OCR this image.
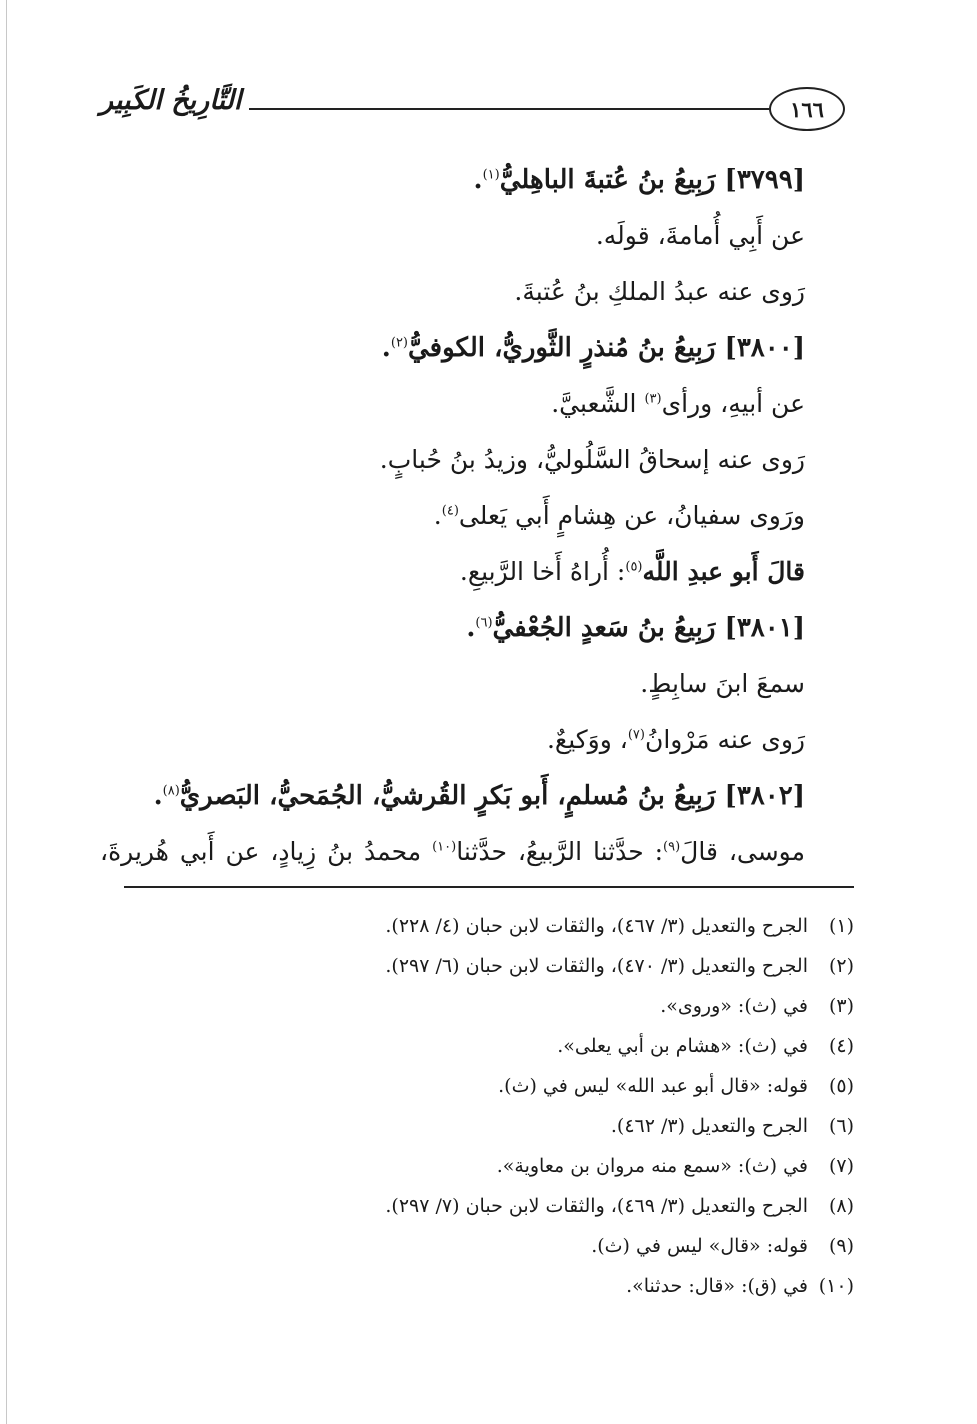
١٦٦
التَّارِيخُ الكَبِير
[٣٧٩٩] رَبِيعُ بنُ عُتبةَ الباهِليُّ$^{(١)}$.
عن أَبِي أُمامةَ، قولَه.
رَوى عنه عبدُ الملكِ بنُ عُتبةَ.
[٣٨٠٠] رَبِيعُ بنُ مُنذرٍ الثَّوريُّ، الكوفيُّ$^{(٢)}$.
عن أبيهِ، ورأى$^{(٣)}$ الشَّعبيَّ.
رَوى عنه إسحاقُ السَّلُوليُّ، وزيدُ بنُ حُبابٍ.
ورَوى سفيانُ، عن هِشامٍ أَبي يَعلى$^{(٤)}$.
قالَ أَبو عبدِ اللَّه$^{(٥)}$: أُراهُ أَخا الرَّبيعِ.
[٣٨٠١] رَبِيعُ بنُ سَعدٍ الجُعْفيُّ$^{(٦)}$.
سمعَ ابنَ سابِطٍ.
رَوى عنه مَرْوانُ$^{(٧)}$، ووَكيعٌ.
[٣٨٠٢] رَبِيعُ بنُ مُسلمٍ، أَبو بَكرٍ القُرشيُّ، الجُمَحيُّ، البَصريُّ$^{(٨)}$.
موسى، قالَ$^{(٩)}$: حدَّثنا الرَّبيعُ، حدَّثنا$^{(١٠)}$ محمدُ بنُ زِيادٍ، عن أَبي هُريرةَ،
(١)الجرح والتعديل (٣/ ٤٦٧)، والثقات لابن حبان (٤/ ٢٢٨).
(٢)الجرح والتعديل (٣/ ٤٧٠)، والثقات لابن حبان (٦/ ٢٩٧).
(٣)في (ث): «وروى».
(٤)في (ث): «هشام بن أبي يعلى».
(٥)قوله: «قال أبو عبد الله» ليس في (ث).
(٦)الجرح والتعديل (٣/ ٤٦٢).
(٧)في (ث): «سمع منه مروان بن معاوية».
(٨)الجرح والتعديل (٣/ ٤٦٩)، والثقات لابن حبان (٧/ ٢٩٧).
(٩)قوله: «قال» ليس في (ث).
(١٠)في (ق): «قال: حدثنا».
